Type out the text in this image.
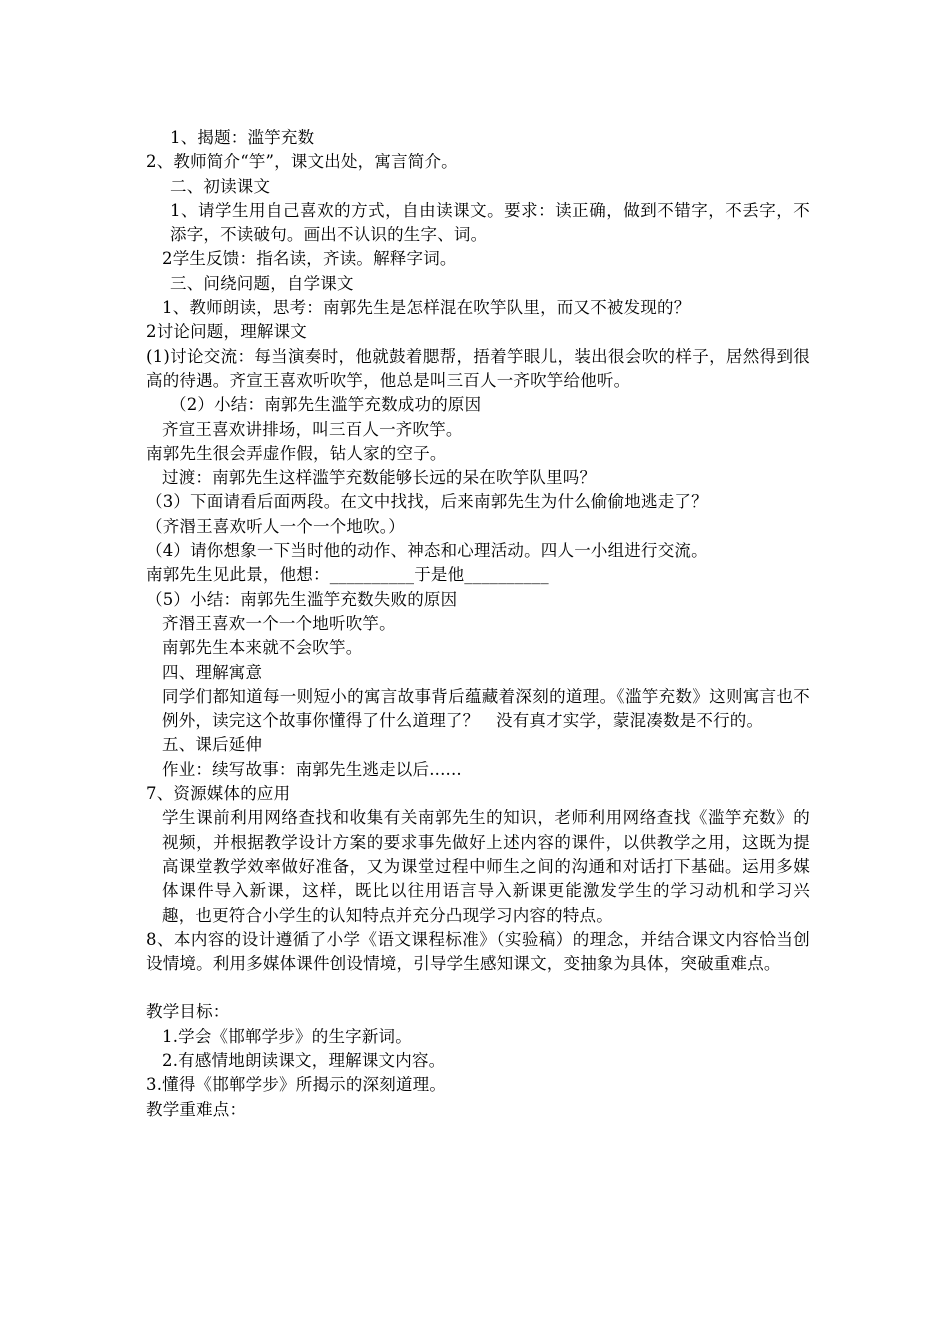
1、揭题：滥竽充数
2、教师简介“竽”，课文出处，寓言简介。
二、初读课文
1、请学生用自己喜欢的方式，自由读课文。要求：读正确，做到不错字，不丢字，不添字，不读破句。画出不认识的生字、词。
2学生反馈：指名读，齐读。解释字词。
三、问绕问题，自学课文
1、教师朗读，思考：南郭先生是怎样混在吹竽队里，而又不被发现的？
2讨论问题，理解课文
(1)讨论交流：每当演奏时，他就鼓着腮帮，捂着竽眼儿，装出很会吹的样子，居然得到很高的待遇。齐宣王喜欢听吹竽，他总是叫三百人一齐吹竽给他听。
（2）小结：南郭先生滥竽充数成功的原因
齐宣王喜欢讲排场，叫三百人一齐吹竽。
南郭先生很会弄虚作假，钻人家的空子。
过渡：南郭先生这样滥竽充数能够长远的呆在吹竽队里吗？
（3）下面请看后面两段。在文中找找，后来南郭先生为什么偷偷地逃走了？
（齐湣王喜欢听人一个一个地吹。）
（4）请你想象一下当时他的动作、神态和心理活动。四人一小组进行交流。
南郭先生见此景，他想：__________于是他__________
（5）小结：南郭先生滥竽充数失败的原因
齐湣王喜欢一个一个地听吹竽。
南郭先生本来就不会吹竽。
四、理解寓意
同学们都知道每一则短小的寓言故事背后蕴藏着深刻的道理。《滥竽充数》这则寓言也不例外，读完这个故事你懂得了什么道理了？　没有真才实学，蒙混凑数是不行的。
五、课后延伸
作业：续写故事：南郭先生逃走以后......
7、资源媒体的应用
学生课前利用网络查找和收集有关南郭先生的知识，老师利用网络查找《滥竽充数》的视频，并根据教学设计方案的要求事先做好上述内容的课件，以供教学之用，这既为提高课堂教学效率做好准备，又为课堂过程中师生之间的沟通和对话打下基础。运用多媒体课件导入新课，这样，既比以往用语言导入新课更能激发学生的学习动机和学习兴趣，也更符合小学生的认知特点并充分凸现学习内容的特点。
8、本内容的设计遵循了小学《语文课程标准》（实验稿）的理念，并结合课文内容恰当创设情境。利用多媒体课件创设情境，引导学生感知课文，变抽象为具体，突破重难点。
教学目标：
1.学会《邯郸学步》的生字新词。
2.有感情地朗读课文，理解课文内容。
3.懂得《邯郸学步》所揭示的深刻道理。
教学重难点：
